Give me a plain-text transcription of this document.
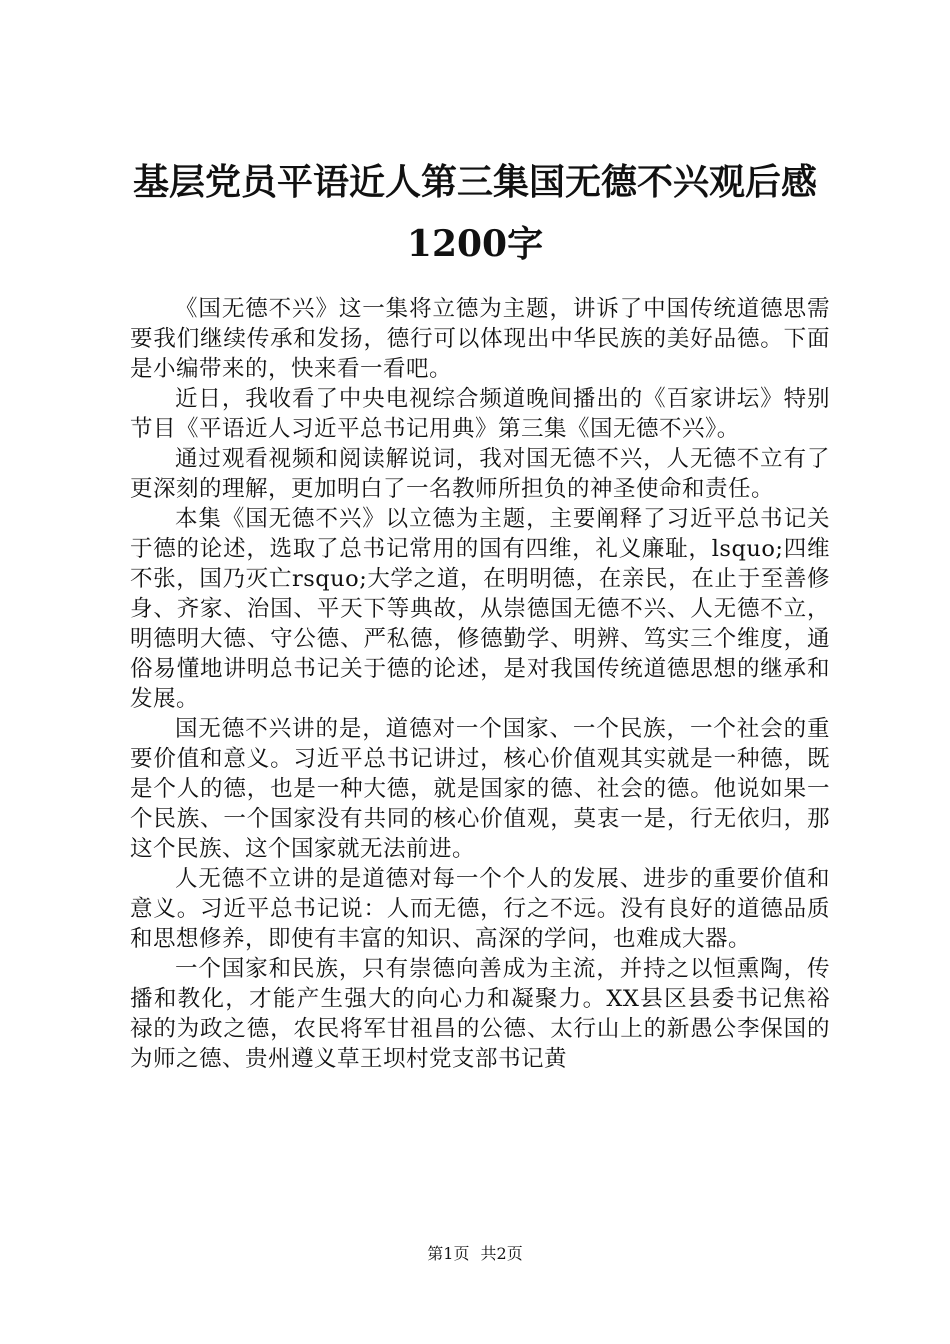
基层党员平语近人第三集国无德不兴观后感
1200字

《国无德不兴》这一集将立德为主题，讲诉了中国传统道德思需要我们继续传承和发扬，德行可以体现出中华民族的美好品德。下面是小编带来的，快来看一看吧。

近日，我收看了中央电视综合频道晚间播出的《百家讲坛》特别节目《平语近人习近平总书记用典》第三集《国无德不兴》。

通过观看视频和阅读解说词，我对国无德不兴，人无德不立有了更深刻的理解，更加明白了一名教师所担负的神圣使命和责任。

本集《国无德不兴》以立德为主题，主要阐释了习近平总书记关于德的论述，选取了总书记常用的国有四维，礼义廉耻，lsquo;四维不张，国乃灭亡rsquo;大学之道，在明明德，在亲民，在止于至善修身、齐家、治国、平天下等典故，从崇德国无德不兴、人无德不立，明德明大德、守公德、严私德，修德勤学、明辨、笃实三个维度，通俗易懂地讲明总书记关于德的论述，是对我国传统道德思想的继承和发展。

国无德不兴讲的是，道德对一个国家、一个民族，一个社会的重要价值和意义。习近平总书记讲过，核心价值观其实就是一种德，既是个人的德，也是一种大德，就是国家的德、社会的德。他说如果一个民族、一个国家没有共同的核心价值观，莫衷一是，行无依归，那这个民族、这个国家就无法前进。

人无德不立讲的是道德对每一个个人的发展、进步的重要价值和意义。习近平总书记说：人而无德，行之不远。没有良好的道德品质和思想修养，即使有丰富的知识、高深的学问，也难成大器。

一个国家和民族，只有崇德向善成为主流，并持之以恒熏陶，传播和教化，才能产生强大的向心力和凝聚力。XX县区县委书记焦裕禄的为政之德，农民将军甘祖昌的公德、太行山上的新愚公李保国的为师之德、贵州遵义草王坝村党支部书记黄

第1页 共2页
